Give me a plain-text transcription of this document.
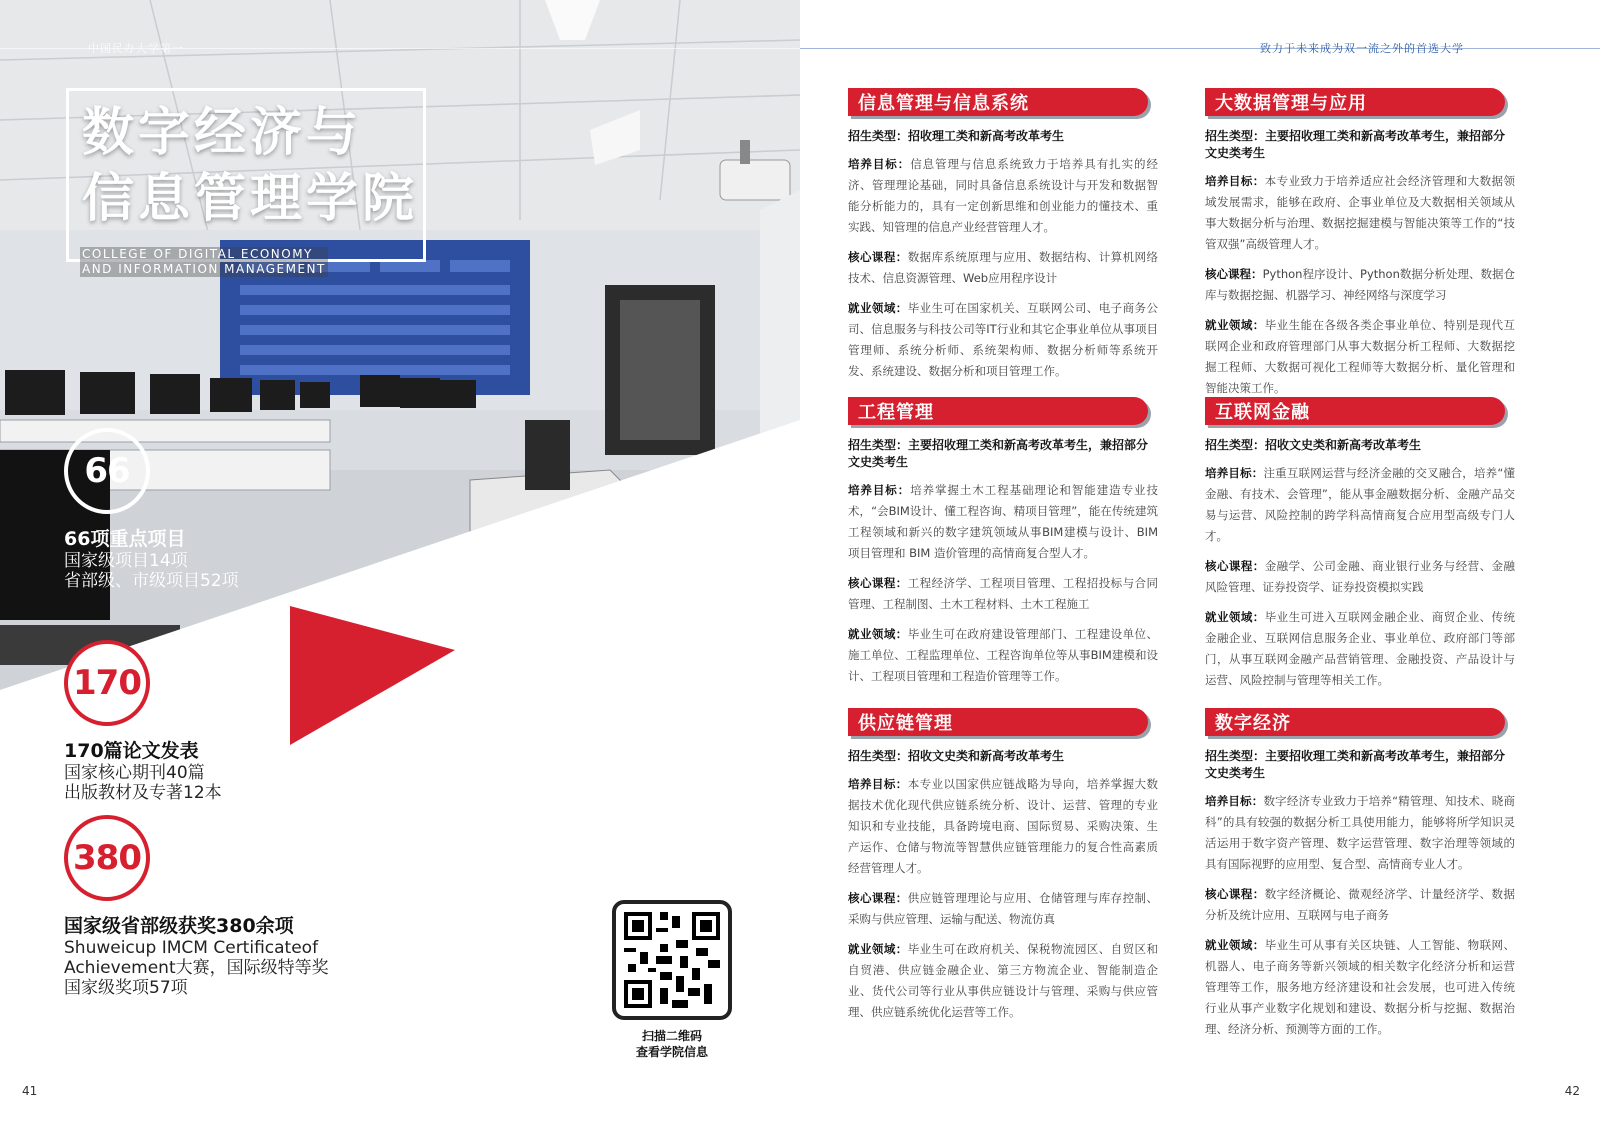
中国民办大学第一
数字经济与
信息管理学院
COLLEGE OF DIGITAL ECONOMY
AND INFORMATION MANAGEMENT
66
66项重点项目
国家级项目14项
省部级、市级项目52项
170
170篇论文发表
国家核心期刊40篇
出版教材及专著12本
380
国家级省部级获奖380余项
Shuweicup IMCM Certificateof
Achievement大赛，国际级特等奖
国家级奖项57项
扫描二维码
查看学院信息
41
致力于未来成为双一流之外的首选大学
信息管理与信息系统
招生类型：招收理工类和新高考改革考生
培养目标：信息管理与信息系统致力于培养具有扎实的经济、管理理论基础，同时具备信息系统设计与开发和数据智能分析能力的，具有一定创新思维和创业能力的懂技术、重实践、知管理的信息产业经营管理人才。
核心课程：数据库系统原理与应用、数据结构、计算机网络技术、信息资源管理、Web应用程序设计
就业领域：毕业生可在国家机关、互联网公司、电子商务公司、信息服务与科技公司等IT行业和其它企事业单位从事项目管理师、系统分析师、系统架构师、数据分析师等系统开发、系统建设、数据分析和项目管理工作。
工程管理
招生类型：主要招收理工类和新高考改革考生，兼招部分文史类考生
培养目标：培养掌握土木工程基础理论和智能建造专业技术，“会BIM设计、懂工程咨询、精项目管理”，能在传统建筑工程领域和新兴的数字建筑领域从事BIM建模与设计、BIM 项目管理和 BIM 造价管理的高情商复合型人才。
核心课程：工程经济学、工程项目管理、工程招投标与合同管理、工程制图、土木工程材料、土木工程施工
就业领域：毕业生可在政府建设管理部门、工程建设单位、施工单位、工程监理单位、工程咨询单位等从事BIM建模和设计、工程项目管理和工程造价管理等工作。
供应链管理
招生类型：招收文史类和新高考改革考生
培养目标：本专业以国家供应链战略为导向，培养掌握大数据技术优化现代供应链系统分析、设计、运营、管理的专业知识和专业技能，具备跨境电商、国际贸易、采购决策、生产运作、仓储与物流等智慧供应链管理能力的复合性高素质经营管理人才。
核心课程：供应链管理理论与应用、仓储管理与库存控制、采购与供应管理、运输与配送、物流仿真
就业领域：毕业生可在政府机关、保税物流园区、自贸区和自贸港、供应链金融企业、第三方物流企业、智能制造企业、货代公司等行业从事供应链设计与管理、采购与供应管理、供应链系统优化运营等工作。
大数据管理与应用
招生类型：主要招收理工类和新高考改革考生，兼招部分文史类考生
培养目标：本专业致力于培养适应社会经济管理和大数据领域发展需求，能够在政府、企事业单位及大数据相关领域从事大数据分析与治理、数据挖掘建模与智能决策等工作的“技管双强”高级管理人才。
核心课程：Python程序设计、Python数据分析处理、数据仓库与数据挖掘、机器学习、神经网络与深度学习
就业领域：毕业生能在各级各类企事业单位、特别是现代互联网企业和政府管理部门从事大数据分析工程师、大数据挖掘工程师、大数据可视化工程师等大数据分析、量化管理和智能决策工作。
互联网金融
招生类型：招收文史类和新高考改革考生
培养目标：注重互联网运营与经济金融的交叉融合，培养“懂金融、有技术、会管理”，能从事金融数据分析、金融产品交易与运营、风险控制的跨学科高情商复合应用型高级专门人才。
核心课程：金融学、公司金融、商业银行业务与经营、金融风险管理、证券投资学、证券投资模拟实践
就业领域：毕业生可进入互联网金融企业、商贸企业、传统金融企业、互联网信息服务企业、事业单位、政府部门等部门，从事互联网金融产品营销管理、金融投资、产品设计与运营、风险控制与管理等相关工作。
数字经济
招生类型：主要招收理工类和新高考改革考生，兼招部分文史类考生
培养目标：数字经济专业致力于培养“精管理、知技术、晓商科”的具有较强的数据分析工具使用能力，能够将所学知识灵活运用于数字资产管理、数字运营管理、数字治理等领域的具有国际视野的应用型、复合型、高情商专业人才。
核心课程：数字经济概论、微观经济学、计量经济学、数据分析及统计应用、互联网与电子商务
就业领域：毕业生可从事有关区块链、人工智能、物联网、机器人、电子商务等新兴领域的相关数字化经济分析和运营管理等工作，服务地方经济建设和社会发展，也可进入传统行业从事产业数字化规划和建设、数据分析与挖掘、数据治理、经济分析、预测等方面的工作。
42
